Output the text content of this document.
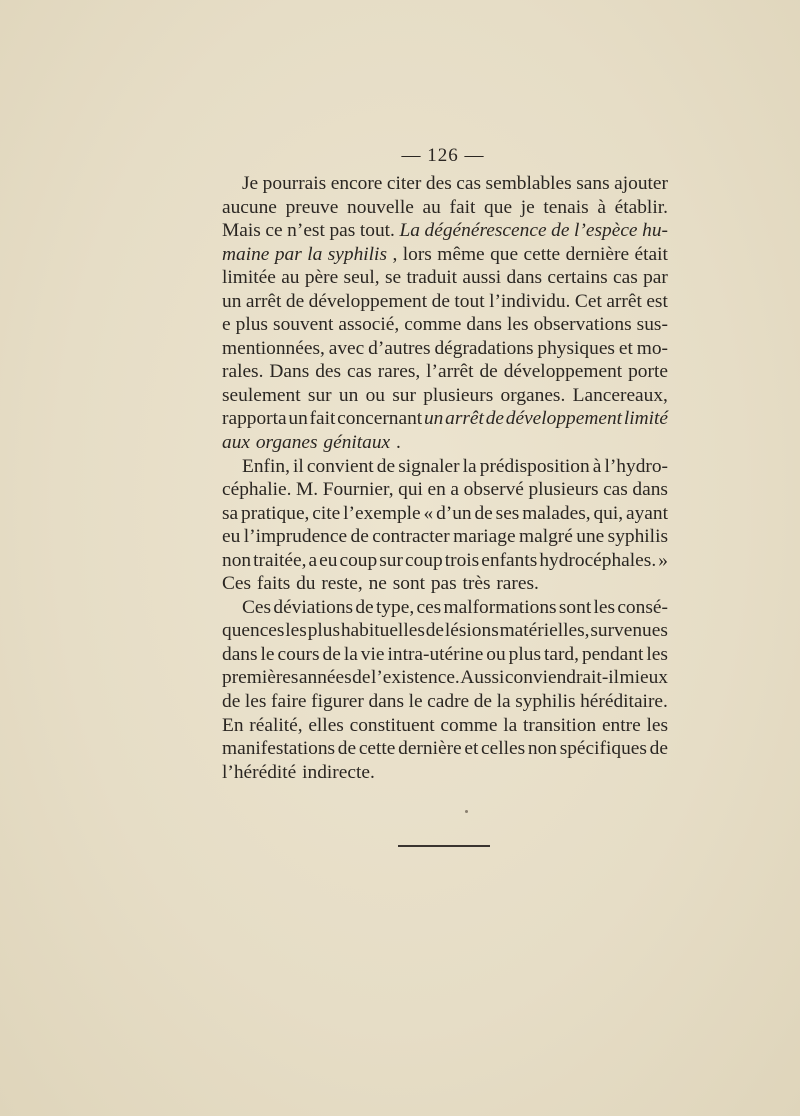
— 126 —
Je pourrais encore citer des cas semblables sans ajouter
aucune preuve nouvelle au fait que je tenais à établir.
Mais ce n’est pas tout. La dégénérescence de l’espèce hu-
maine par la syphilis , lors même que cette dernière était
limitée au père seul, se traduit aussi dans certains cas par
un arrêt de développement de tout l’individu. Cet arrêt est
e plus souvent associé, comme dans les observations sus-
mentionnées, avec d’autres dégradations physiques et mo-
rales. Dans des cas rares, l’arrêt de développement porte
seulement sur un ou sur plusieurs organes. Lancereaux,
rapporta un fait concernant un arrêt de développement limité
aux organes génitaux .
Enfin, il convient de signaler la prédisposition à l’hydro-
céphalie. M. Fournier, qui en a observé plusieurs cas dans
sa pratique, cite l’exemple « d’un de ses malades, qui, ayant
eu l’imprudence de contracter mariage malgré une syphilis
non traitée, a eu coup sur coup trois enfants hydrocéphales. »
Ces faits du reste, ne sont pas très rares.
Ces déviations de type, ces malformations sont les consé-
quences les plus habituelles de lésions matérielles, survenues
dans le cours de la vie intra-utérine ou plus tard, pendant les
premières années de l’existence. Aussi conviendrait-il mieux
de les faire figurer dans le cadre de la syphilis héréditaire.
En réalité, elles constituent comme la transition entre les
manifestations de cette dernière et celles non spécifiques de
l’hérédité indirecte.
